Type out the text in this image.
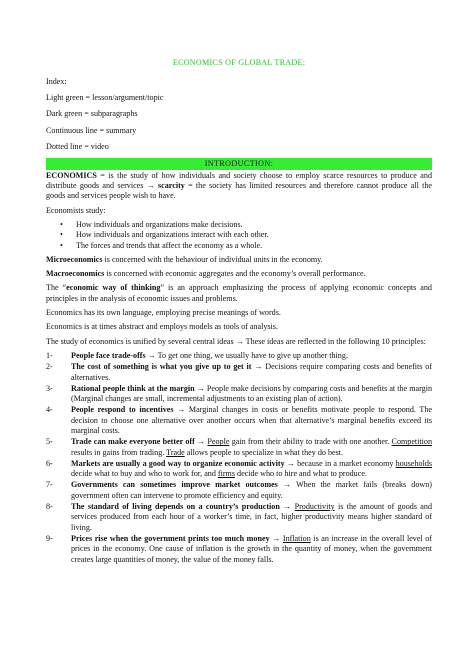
ECONOMICS OF GLOBAL TRADE:
Index:
Light green = lesson/argument/topic
Dark green = subparagraphs
Continuous line = summary
Dotted line = video
INTRODUCTION:

ECONOMICS = is the study of how individuals and society choose to employ scarce resources to produce and distribute goods and services → scarcity = the society has limited resources and therefore cannot produce all the goods and services people wish to have.

Economists study:

• How individuals and organizations make decisions.
• How individuals and organizations interact with each other.
• The forces and trends that affect the economy as a whole.

Microeconomics is concerned with the behaviour of individual units in the economy.

Macroeconomics is concerned with economic aggregates and the economy’s overall performance.

The “economic way of thinking” is an approach emphasizing the process of applying economic concepts and principles in the analysis of economic issues and problems.

Economics has its own language, employing precise meanings of words.

Economics is at times abstract and employs models as tools of analysis.

The study of economics is unified by several central ideas → These ideas are reflected in the following 10 principles:

1- People face trade-offs → To get one thing, we usually have to give up another thing.
2- The cost of something is what you give up to get it → Decisions require comparing costs and benefits of alternatives.
3- Rational people think at the margin → People make decisions by comparing costs and benefits at the margin (Marginal changes are small, incremental adjustments to an existing plan of action).
4- People respond to incentives → Marginal changes in costs or benefits motivate people to respond. The decision to choose one alternative over another occurs when that alternative’s marginal benefits exceed its marginal costs.
5- Trade can make everyone better off → People gain from their ability to trade with one another. Competition results in gains from trading. Trade allows people to specialize in what they do best.
6- Markets are usually a good way to organize economic activity → because in a market economy households decide what to buy and who to work for, and firms decide who to hire and what to produce.
7- Governments can sometimes improve market outcomes → When the market fails (breaks down) government often can intervene to promote efficiency and equity.
8- The standard of living depends on a country’s production → Productivity is the amount of goods and services produced from each hour of a worker’s time, in fact, higher productivity means higher standard of living.
9- Prices rise when the government prints too much money → Inflation is an increase in the overall level of prices in the economy. One cause of inflation is the growth in the quantity of money, when the government creates large quantities of money, the value of the money falls.
